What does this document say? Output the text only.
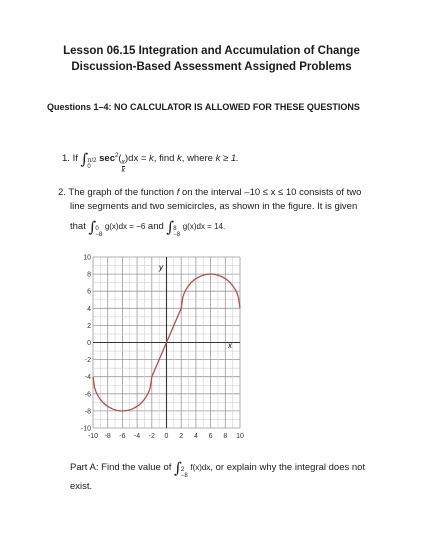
Lesson 06.15 Integration and Accumulation of Change
Discussion-Based Assessment Assigned Problems
Questions 1–4: NO CALCULATOR IS ALLOWED FOR THESE QUESTIONS
1. If ∫ π/2
0
$\sec^2$(
$\frac{x}{k}$
)dx = k, find k, where k ≥ 1.
2. The graph of the function f on the interval –10 ≤ x ≤ 10 consists of two
line segments and two semicircles, as shown in the figure. It is given
that ∫ 0
−8
g(x)dx = −6 and ∫ 8
−8
g(x)dx = 14.
10
8
6
4
2
0
-2
-4
-6
-8
-10
-10 -8 -6 -4 -2 0 2 4 6 8 10
x
y
Part A: Find the value of ∫ 2
−8
f(x)dx, or explain why the integral does not
exist.
